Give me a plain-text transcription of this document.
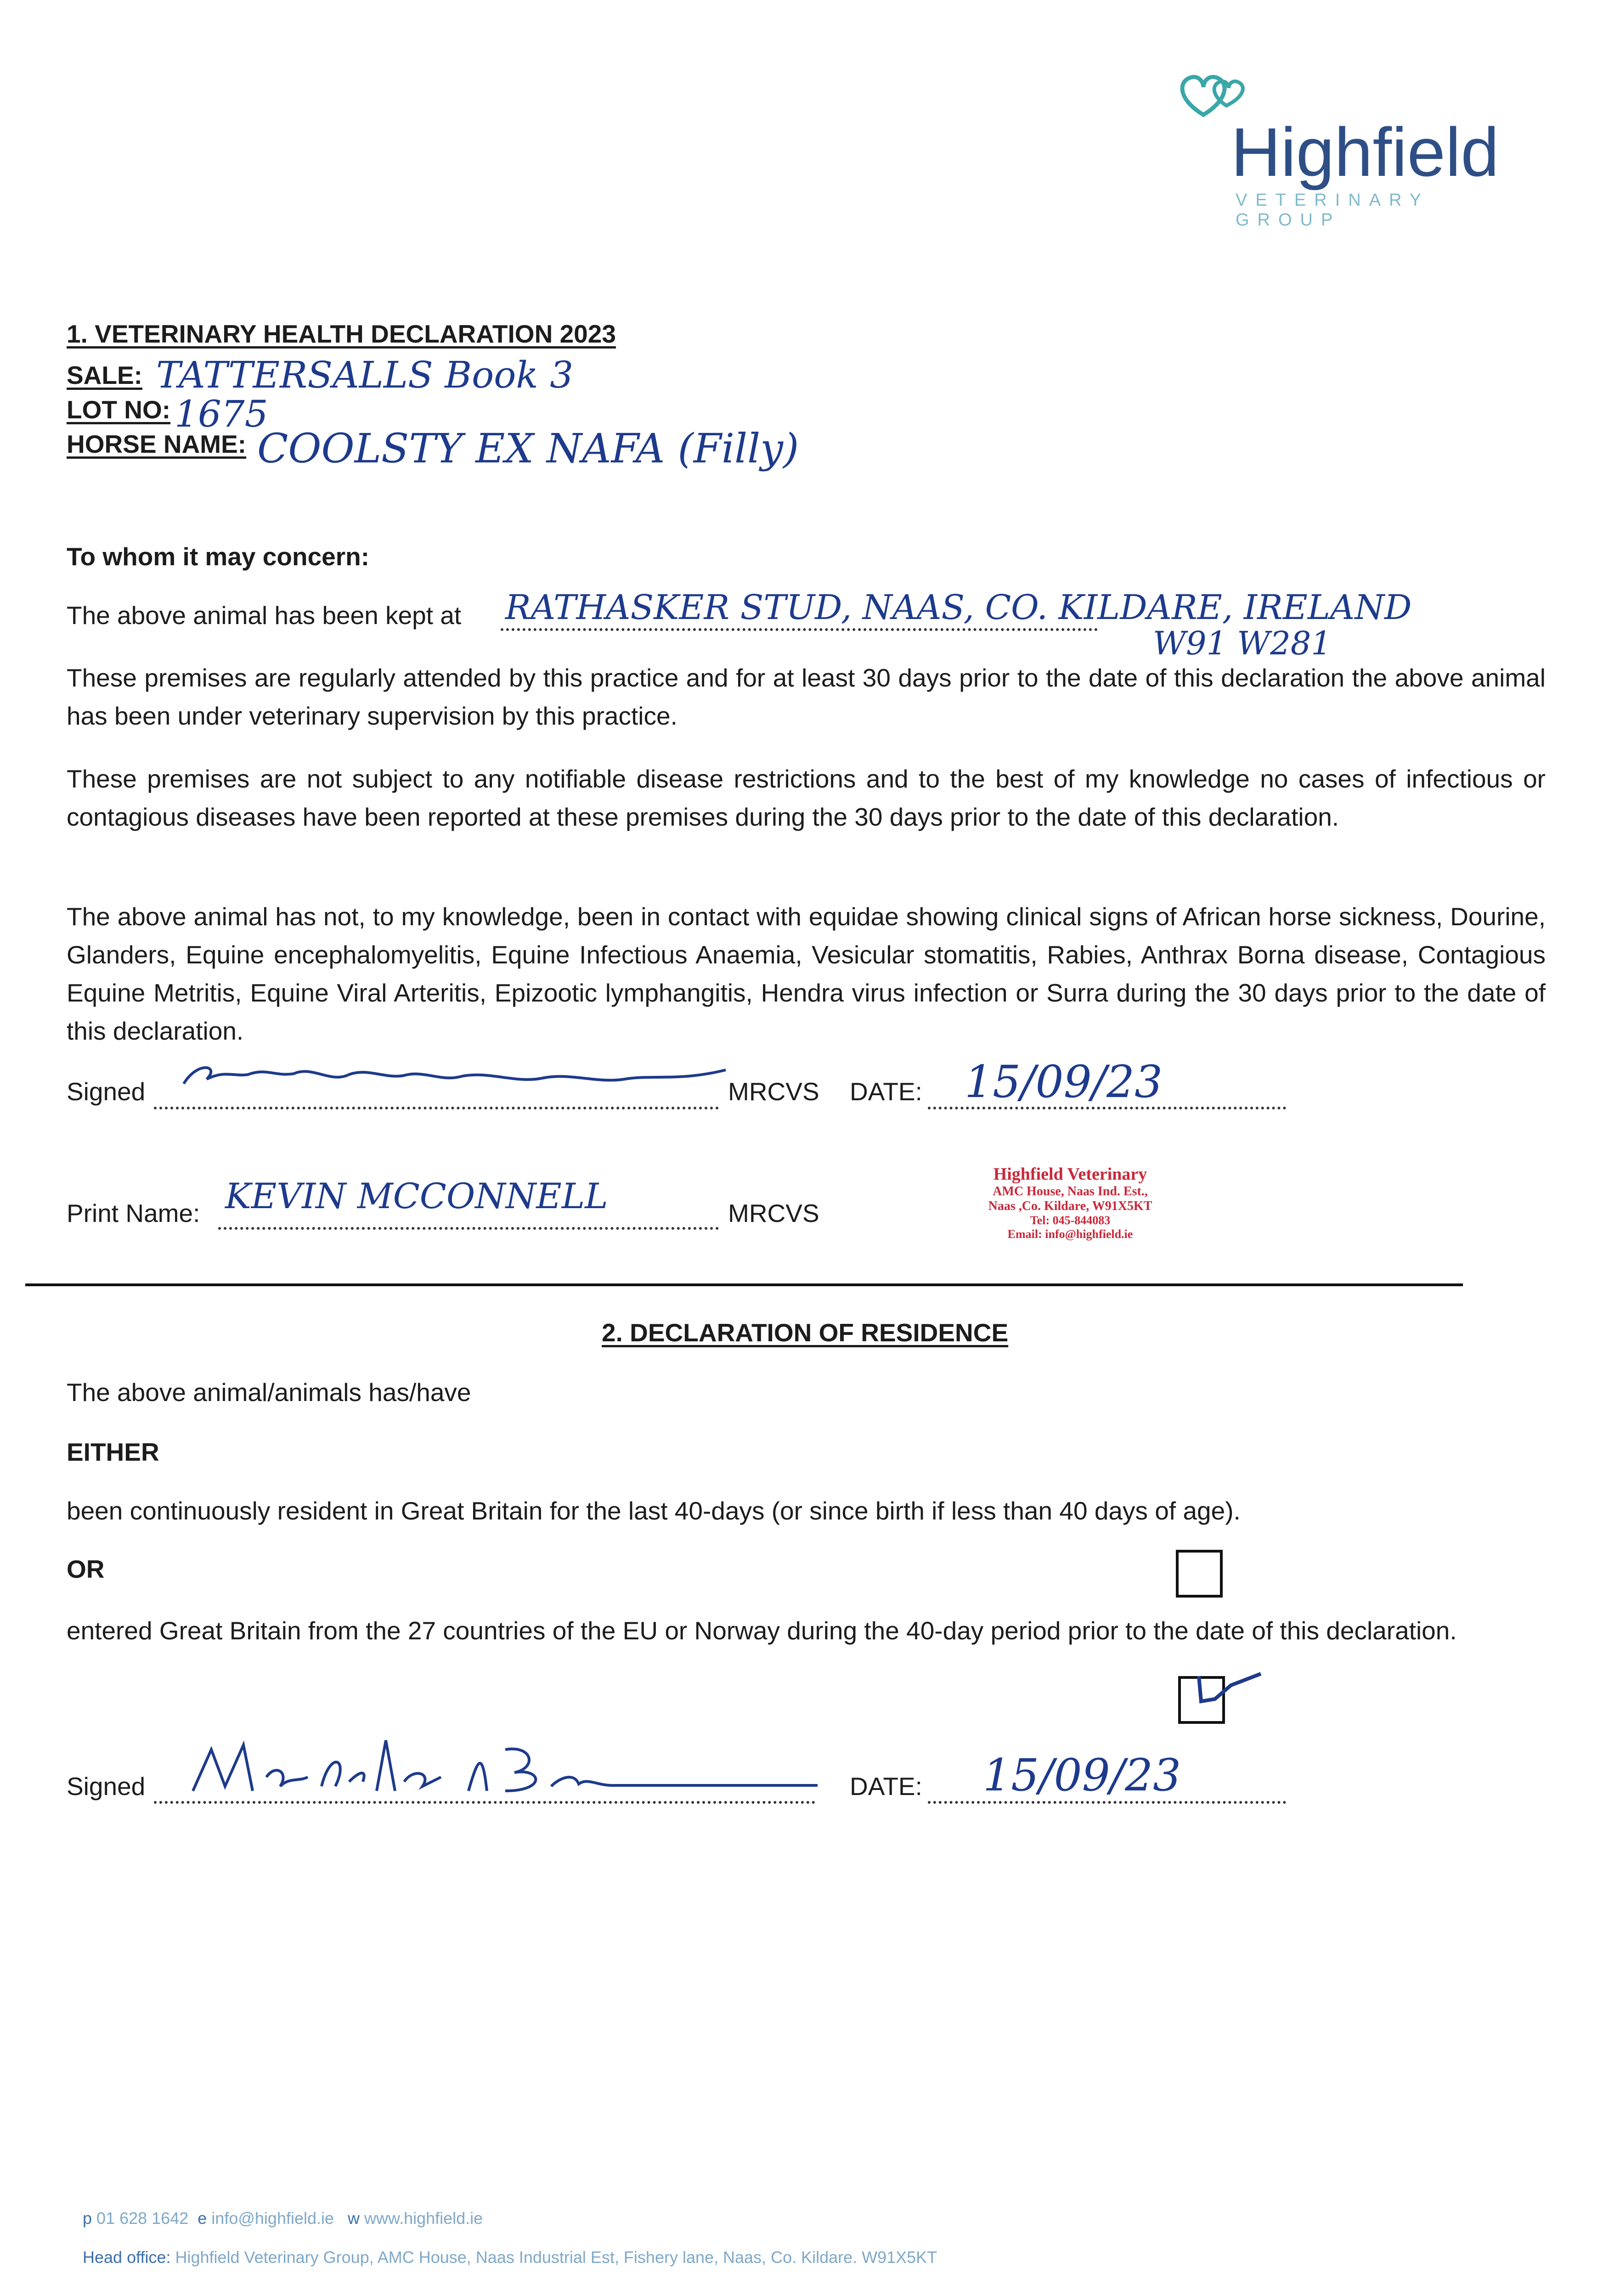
Highfield
VETERINARY GROUP
1. VETERINARY HEALTH DECLARATION 2023
SALE: TATTERSALLS Book 3
LOT NO: 1675
HORSE NAME: COOLSTY EX NAFA (Filly)
To whom it may concern:
The above animal has been kept at RATHASKER STUD, NAAS, CO. KILDARE, IRELAND
W91 W281
These premises are regularly attended by this practice and for at least 30 days prior to the date of this declaration the above animal has been under veterinary supervision by this practice.
These premises are not subject to any notifiable disease restrictions and to the best of my knowledge no cases of infectious or contagious diseases have been reported at these premises during the 30 days prior to the date of this declaration.
The above animal has not, to my knowledge, been in contact with equidae showing clinical signs of African horse sickness, Dourine, Glanders, Equine encephalomyelitis, Equine Infectious Anaemia, Vesicular stomatitis, Rabies, Anthrax Borna disease, Contagious Equine Metritis, Equine Viral Arteritis, Epizootic lymphangitis, Hendra virus infection or Surra during the 30 days prior to the date of this declaration.
Signed	MRCVS DATE: 15/09/23
Print Name: KEVIN MCCONNELL	MRCVS
Highfield Veterinary
AMC House, Naas Ind. Est.,
Naas ,Co. Kildare, W91X5KT
Tel: 045-844083
Email: info@highfield.ie
2. DECLARATION OF RESIDENCE
The above animal/animals has/have
EITHER
been continuously resident in Great Britain for the last 40-days (or since birth if less than 40 days of age).
OR
entered Great Britain from the 27 countries of the EU or Norway during the 40-day period prior to the date of this declaration.
Signed	DATE: 15/09/23
p 01 628 1642 e info@highfield.ie w www.highfield.ie
Head office: Highfield Veterinary Group, AMC House, Naas Industrial Est, Fishery lane, Naas, Co. Kildare. W91X5KT
